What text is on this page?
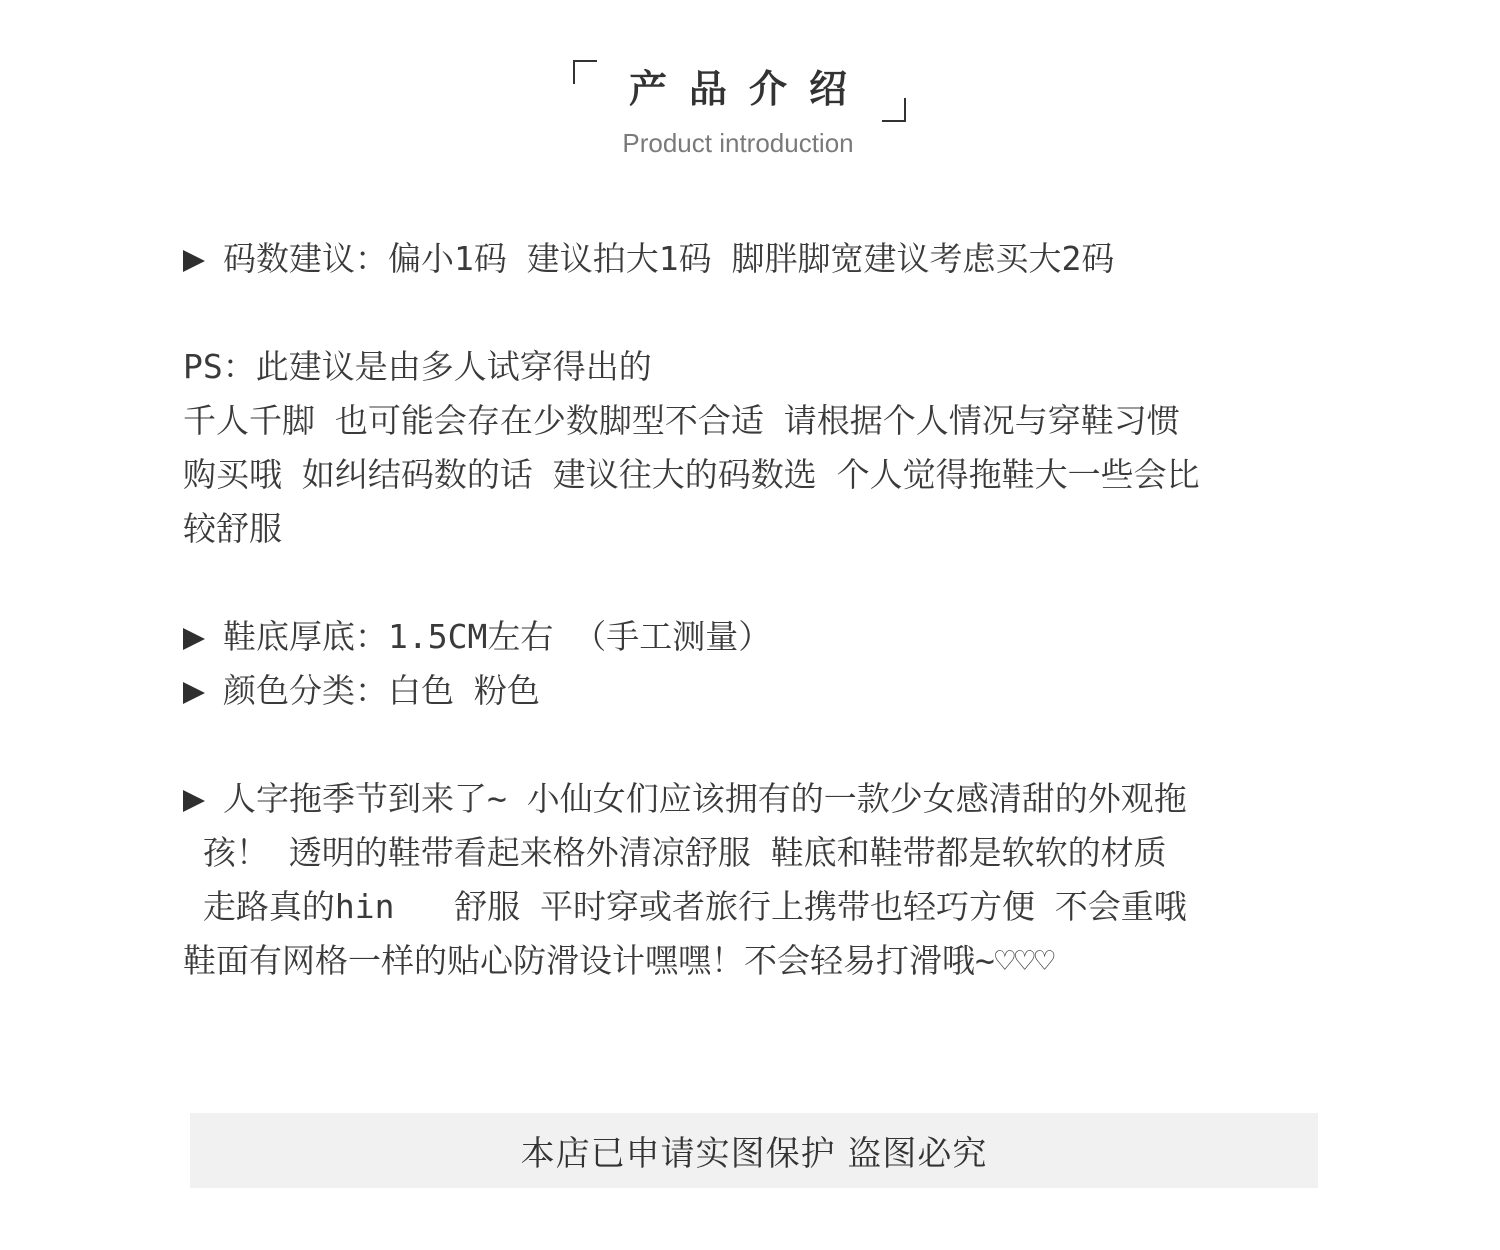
产品介绍
Product introduction

码数建议：偏小1码 建议拍大1码 脚胖脚宽建议考虑买大2码

PS：此建议是由多人试穿得出的

千人千脚 也可能会存在少数脚型不合适 请根据个人情况与穿鞋习惯

购买哦 如纠结码数的话 建议往大的码数选 个人觉得拖鞋大一些会比

较舒服

鞋底厚底：1.5CM左右 （手工测量）

颜色分类：白色 粉色

人字拖季节到来了~ 小仙女们应该拥有的一款少女感清甜的外观拖

孩！ 透明的鞋带看起来格外清凉舒服 鞋底和鞋带都是软软的材质

走路真的hin   舒服 平时穿或者旅行上携带也轻巧方便 不会重哦

鞋面有网格一样的贴心防滑设计嘿嘿！不会轻易打滑哦~♡♡♡

本店已申请实图保护 盗图必究
